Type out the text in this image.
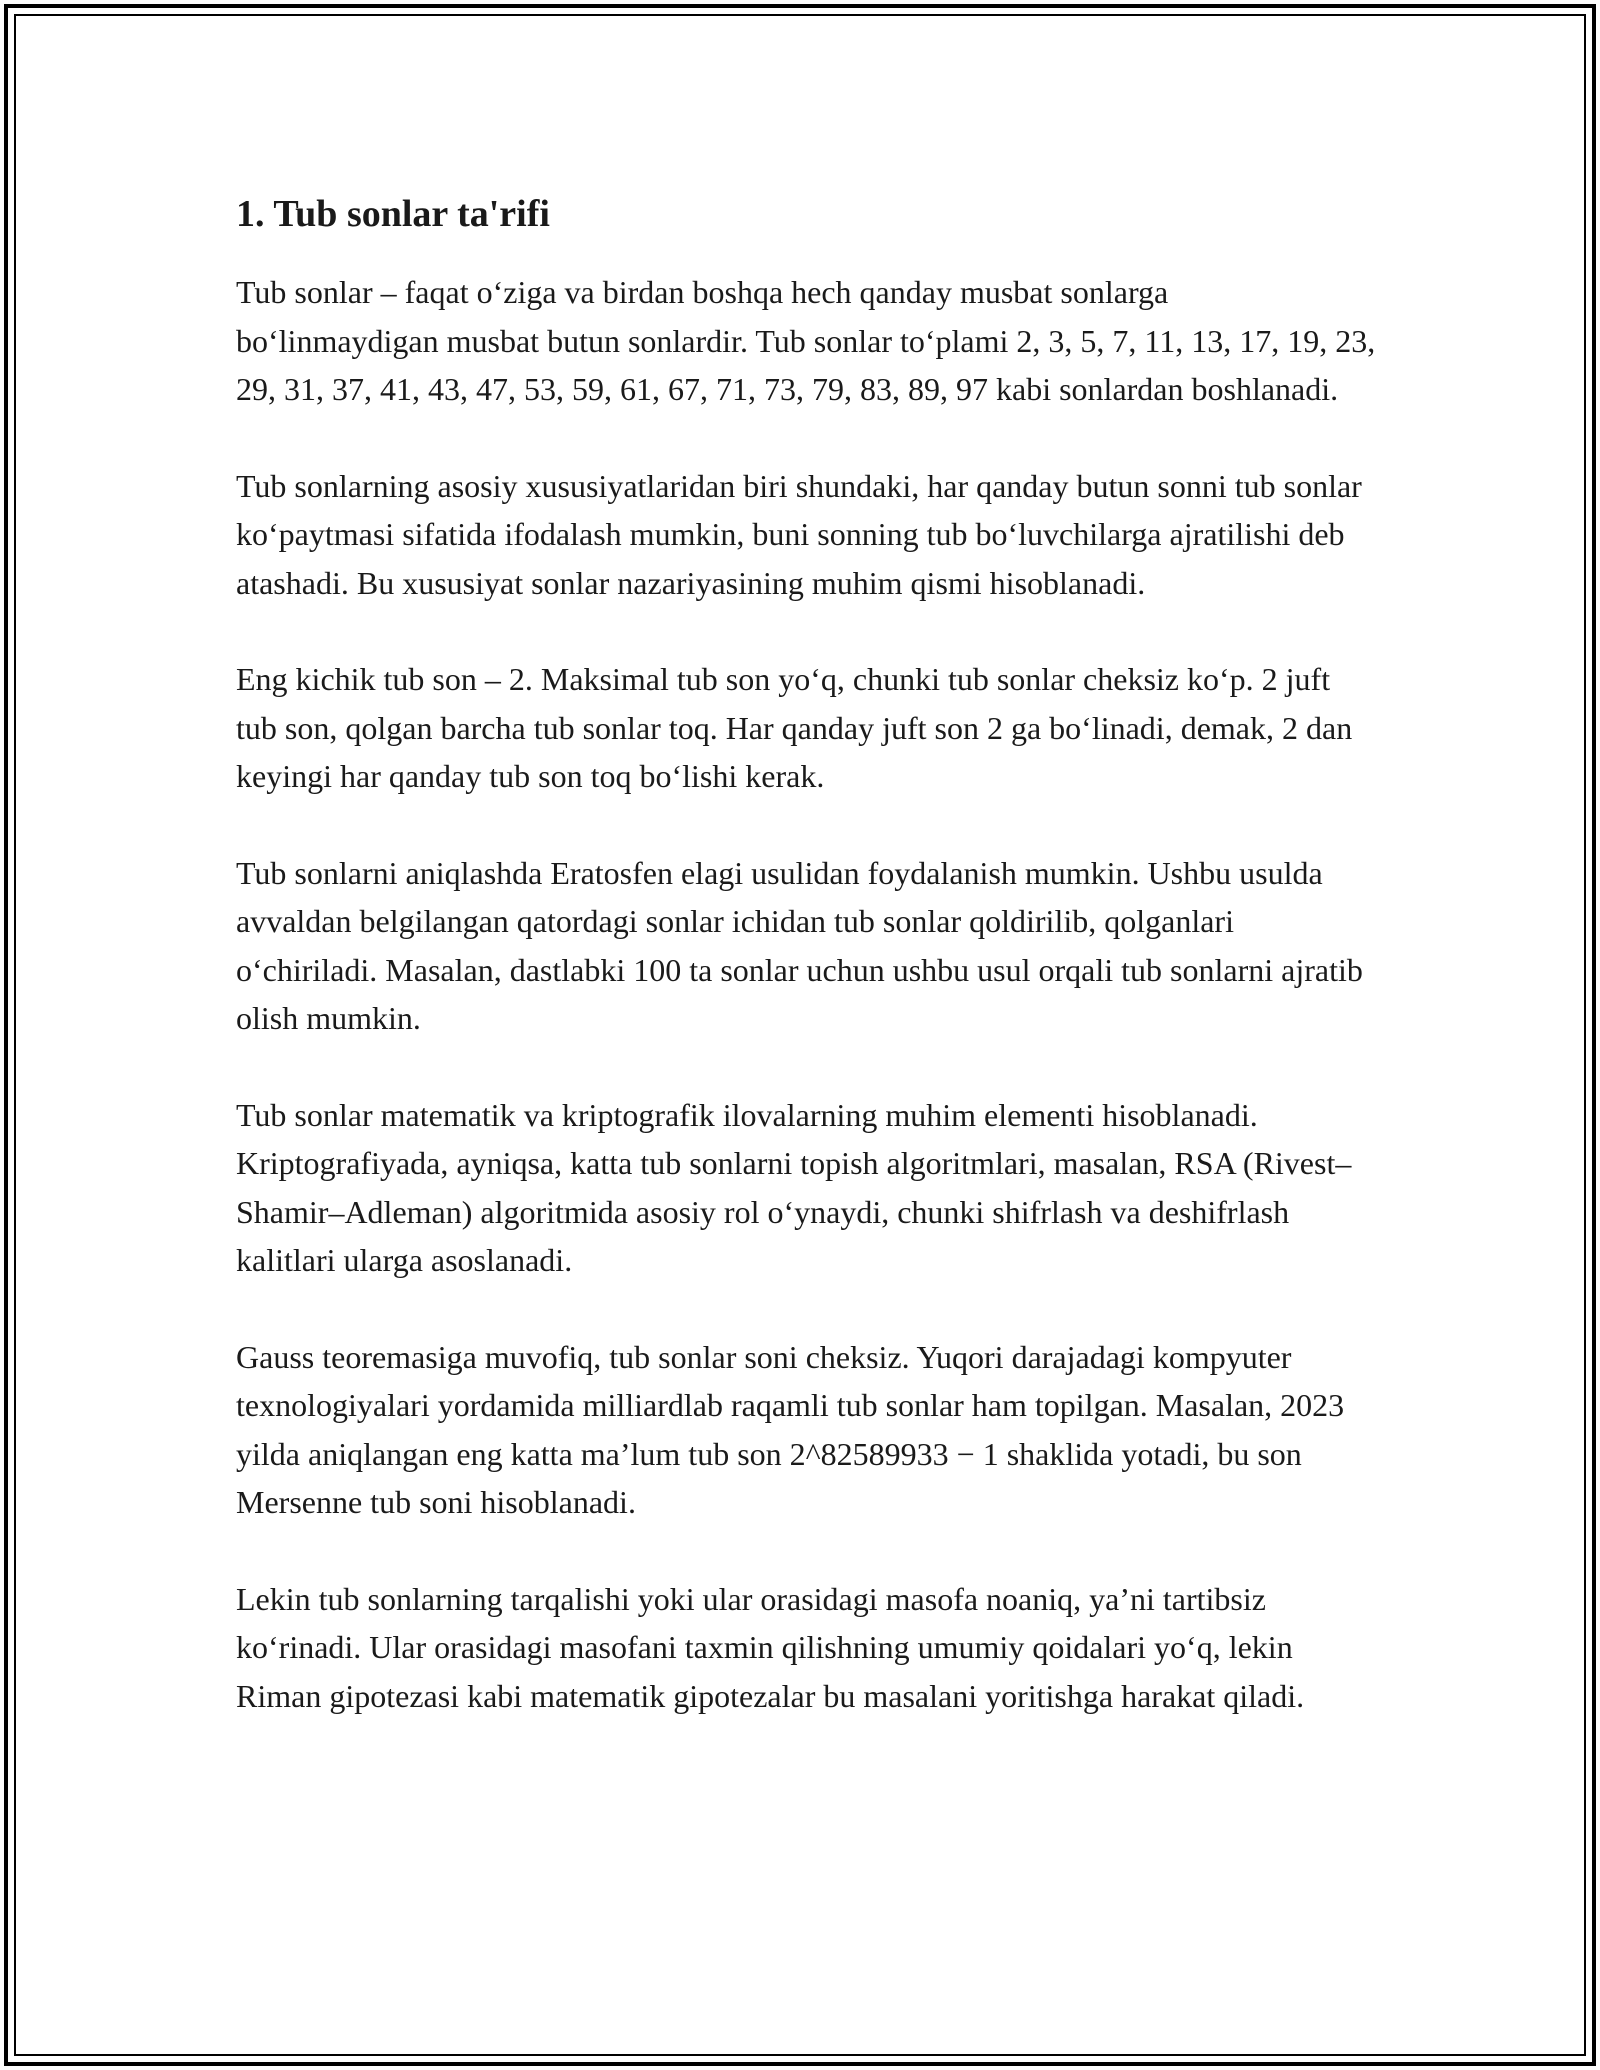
1. Tub sonlar ta'rifi

Tub sonlar – faqat o‘ziga va birdan boshqa hech qanday musbat sonlarga bo‘linmaydigan musbat butun sonlardir. Tub sonlar to‘plami 2, 3, 5, 7, 11, 13, 17, 19, 23, 29, 31, 37, 41, 43, 47, 53, 59, 61, 67, 71, 73, 79, 83, 89, 97 kabi sonlardan boshlanadi.

Tub sonlarning asosiy xususiyatlaridan biri shundaki, har qanday butun sonni tub sonlar ko‘paytmasi sifatida ifodalash mumkin, buni sonning tub bo‘luvchilarga ajratilishi deb atashadi. Bu xususiyat sonlar nazariyasining muhim qismi hisoblanadi.

Eng kichik tub son – 2. Maksimal tub son yo‘q, chunki tub sonlar cheksiz ko‘p. 2 juft tub son, qolgan barcha tub sonlar toq. Har qanday juft son 2 ga bo‘linadi, demak, 2 dan keyingi har qanday tub son toq bo‘lishi kerak.

Tub sonlarni aniqlashda Eratosfen elagi usulidan foydalanish mumkin. Ushbu usulda avvaldan belgilangan qatordagi sonlar ichidan tub sonlar qoldirilib, qolganlari o‘chiriladi. Masalan, dastlabki 100 ta sonlar uchun ushbu usul orqali tub sonlarni ajratib olish mumkin.

Tub sonlar matematik va kriptografik ilovalarning muhim elementi hisoblanadi. Kriptografiyada, ayniqsa, katta tub sonlarni topish algoritmlari, masalan, RSA (Rivest–Shamir–Adleman) algoritmida asosiy rol o‘ynaydi, chunki shifrlash va deshifrlash kalitlari ularga asoslanadi.

Gauss teoremasiga muvofiq, tub sonlar soni cheksiz. Yuqori darajadagi kompyuter texnologiyalari yordamida milliardlab raqamli tub sonlar ham topilgan. Masalan, 2023 yilda aniqlangan eng katta ma’lum tub son 2^82589933 − 1 shaklida yotadi, bu son Mersenne tub soni hisoblanadi.

Lekin tub sonlarning tarqalishi yoki ular orasidagi masofa noaniq, ya’ni tartibsiz ko‘rinadi. Ular orasidagi masofani taxmin qilishning umumiy qoidalari yo‘q, lekin Riman gipotezasi kabi matematik gipotezalar bu masalani yoritishga harakat qiladi.
